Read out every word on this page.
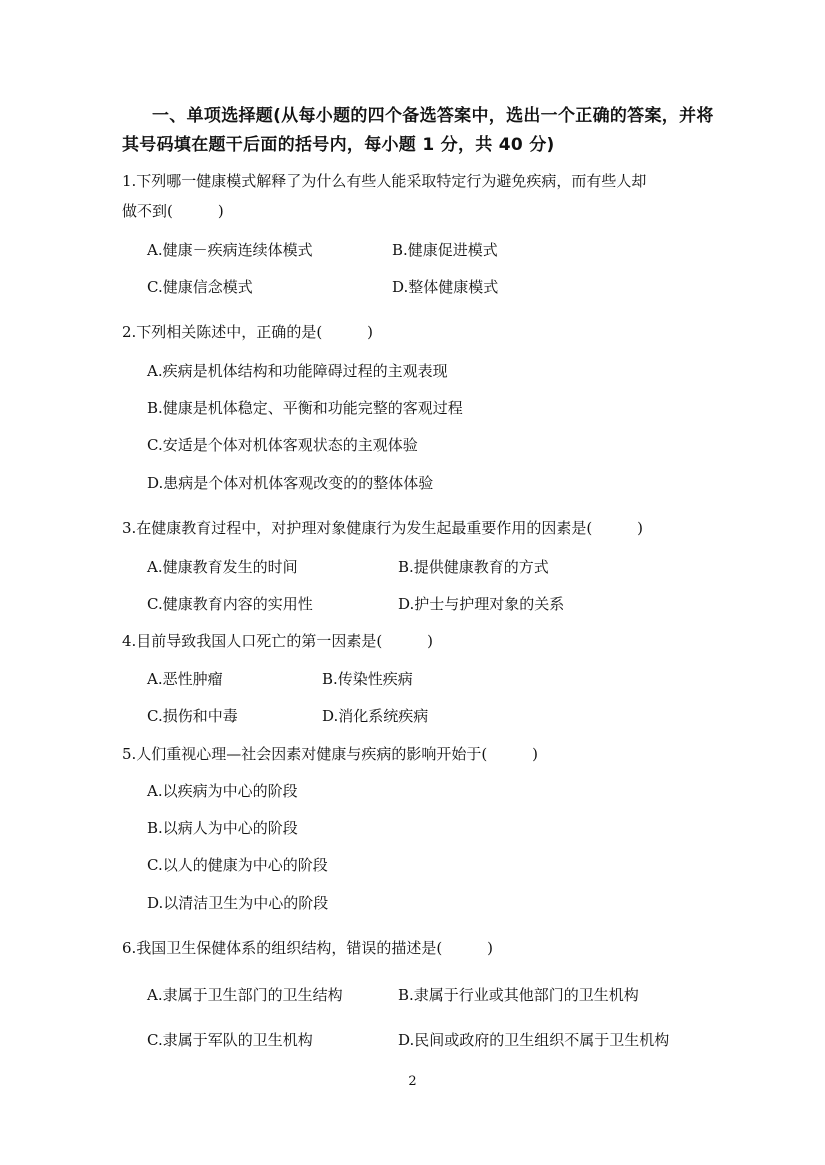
一、单项选择题(从每小题的四个备选答案中，选出一个正确的答案，并将其号码填在题干后面的括号内，每小题 1 分，共 40 分)

1.下列哪一健康模式解释了为什么有些人能采取特定行为避免疾病，而有些人却

做不到(　　　)

A.健康－疾病连续体模式	B.健康促进模式

C.健康信念模式	D.整体健康模式

2.下列相关陈述中，正确的是(　　　)

A.疾病是机体结构和功能障碍过程的主观表现

B.健康是机体稳定、平衡和功能完整的客观过程

C.安适是个体对机体客观状态的主观体验

D.患病是个体对机体客观改变的的整体体验

3.在健康教育过程中，对护理对象健康行为发生起最重要作用的因素是(　　　)

A.健康教育发生的时间	B.提供健康教育的方式

C.健康教育内容的实用性	D.护士与护理对象的关系

4.目前导致我国人口死亡的第一因素是(　　　)

A.恶性肿瘤	B.传染性疾病

C.损伤和中毒	D.消化系统疾病

5.人们重视心理—社会因素对健康与疾病的影响开始于(　　　)

A.以疾病为中心的阶段

B.以病人为中心的阶段

C.以人的健康为中心的阶段

D.以清洁卫生为中心的阶段

6.我国卫生保健体系的组织结构，错误的描述是(　　　)

A.隶属于卫生部门的卫生结构	B.隶属于行业或其他部门的卫生机构

C.隶属于军队的卫生机构	D.民间或政府的卫生组织不属于卫生机构

2
